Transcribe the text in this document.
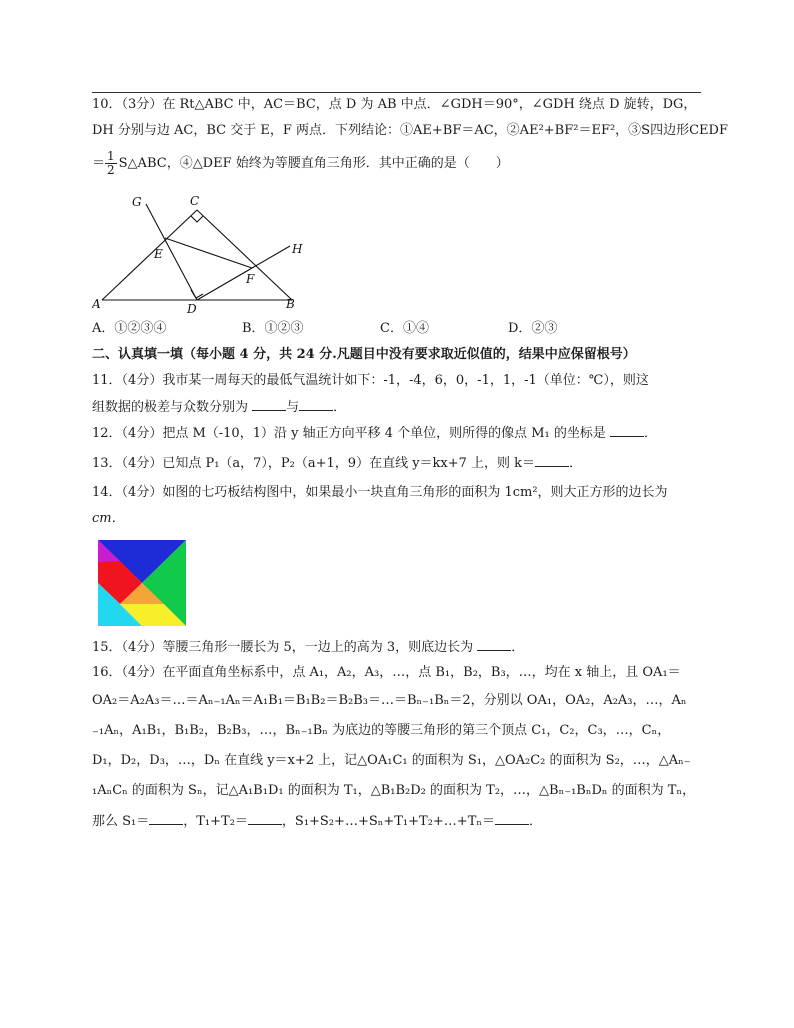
10．（3分）在 Rt△ABC 中，AC＝BC，点 D 为 AB 中点．∠GDH＝90°，∠GDH 绕点 D 旋转，DG，
DH 分别与边 AC，BC 交于 E，F 两点．下列结论：①AE+BF＝AC，②AE²+BF²＝EF²，③S四边形CEDF
＝ $\frac{1}{2}$ S△ABC，④△DEF 始终为等腰直角三角形．其中正确的是（　　）
G	C
H
E
F
A	D	B
A．①②③④	B．①②③	C．①④	D．②③
二、认真填一填（每小题 4 分，共 24 分.凡题目中没有要求取近似值的，结果中应保留根号）
11．（4分）我市某一周每天的最低气温统计如下：-1，-4，6，0，-1，1，-1（单位：℃），则这
组数据的极差与众数分别为	与	．
12．（4分）把点 M（-10，1）沿 y 轴正方向平移 4 个单位，则所得的像点 M₁ 的坐标是	．
13．（4分）已知点 P₁（a，7），P₂（a+1，9）在直线 y＝kx+7 上，则 k＝	．
14．（4分）如图的七巧板结构图中，如果最小一块直角三角形的面积为 1cm²，则大正方形的边长为
cm．
15．（4分）等腰三角形一腰长为 5，一边上的高为 3，则底边长为	．
16．（4分）在平面直角坐标系中，点 A₁，A₂，A₃，…，点 B₁，B₂，B₃，…，均在 x 轴上，且 OA₁＝
OA₂＝A₂A₃＝…＝Aₙ₋₁Aₙ＝A₁B₁＝B₁B₂＝B₂B₃＝…＝Bₙ₋₁Bₙ＝2，分别以 OA₁，OA₂，A₂A₃，…，Aₙ
₋₁Aₙ，A₁B₁，B₁B₂，B₂B₃，…，Bₙ₋₁Bₙ 为底边的等腰三角形的第三个顶点 C₁，C₂，C₃，…，Cₙ，
D₁，D₂，D₃，…，Dₙ 在直线 y＝x+2 上，记△OA₁C₁ 的面积为 S₁，△OA₂C₂ 的面积为 S₂，…，△Aₙ₋
₁AₙCₙ 的面积为 Sₙ，记△A₁B₁D₁ 的面积为 T₁，△B₁B₂D₂ 的面积为 T₂，…，△Bₙ₋₁BₙDₙ 的面积为 Tₙ，
那么 S₁＝	，T₁+T₂＝	，S₁+S₂+…+Sₙ+T₁+T₂+…+Tₙ＝	．
